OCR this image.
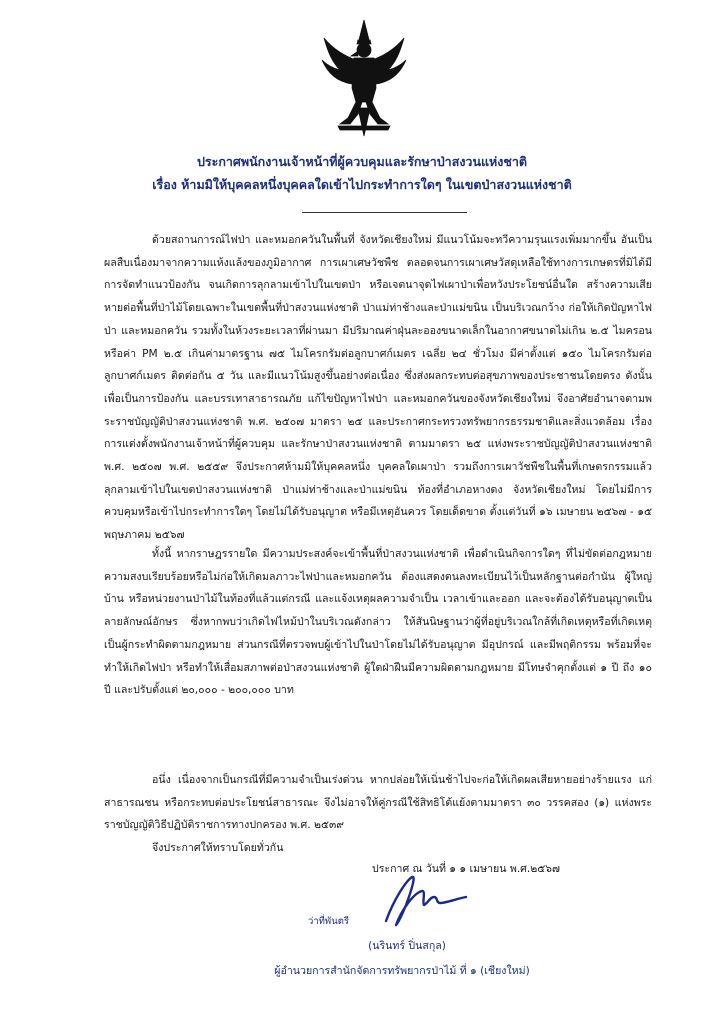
ประกาศพนักงานเจ้าหน้าที่ผู้ควบคุมและรักษาป่าสงวนแห่งชาติ
เรื่อง ห้ามมิให้บุคคลหนึ่งบุคคลใดเข้าไปกระทำการใดๆ ในเขตป่าสงวนแห่งชาติ

ด้วยสถานการณ์ไฟป่า และหมอกควันในพื้นที่ จังหวัดเชียงใหม่ มีแนวโน้มจะทวีความรุนแรงเพิ่มมากขึ้น อันเป็นผลสืบเนื่องมาจากความแห้งแล้งของภูมิอากาศ การเผาเศษวัชพืช ตลอดจนการเผาเศษวัสดุเหลือใช้ทางการเกษตรที่มิได้มีการจัดทำแนวป้องกัน จนเกิดการลุกลามเข้าไปในเขตป่า หรือเจตนาจุดไฟเผาป่าเพื่อหวังประโยชน์อื่นใด สร้างความเสียหายต่อพื้นที่ป่าไม้โดยเฉพาะในเขตพื้นที่ป่าสงวนแห่งชาติ ป่าแม่ท่าช้างและป่าแม่ขนิน เป็นบริเวณกว้าง ก่อให้เกิดปัญหาไฟป่า และหมอกควัน รวมทั้งในห้วงระยะเวลาที่ผ่านมา มีปริมาณค่าฝุ่นละอองขนาดเล็กในอากาศขนาดไม่เกิน ๒.๕ ไมครอน หรือค่า PM ๒.๕ เกินค่ามาตรฐาน ๗๕ ไมโครกรัมต่อลูกบาศก์เมตร เฉลี่ย ๒๔ ชั่วโมง มีค่าตั้งแต่ ๑๕๐ ไมโครกรัมต่อลูกบาศก์เมตร ติดต่อกัน ๕ วัน และมีแนวโน้มสูงขึ้นอย่างต่อเนื่อง ซึ่งส่งผลกระทบต่อสุขภาพของประชาชนโดยตรง ดังนั้น เพื่อเป็นการป้องกัน และบรรเทาสาธารณภัย แก้ไขปัญหาไฟป่า และหมอกควันของจังหวัดเชียงใหม่ จึงอาศัยอำนาจตามพระราชบัญญัติป่าสงวนแห่งชาติ พ.ศ. ๒๕๐๗ มาตรา ๒๕ และประกาศกระทรวงทรัพยากรธรรมชาติและสิ่งแวดล้อม เรื่อง การแต่งตั้งพนักงานเจ้าหน้าที่ผู้ควบคุม และรักษาป่าสงวนแห่งชาติ ตามมาตรา ๒๕ แห่งพระราชบัญญัติป่าสงวนแห่งชาติ พ.ศ. ๒๕๐๗ พ.ศ. ๒๕๕๙ จึงประกาศห้ามมิให้บุคคลหนึ่ง บุคคลใดเผาป่า รวมถึงการเผาวัชพืชในพื้นที่เกษตรกรรมแล้วลุกลามเข้าไปในเขตป่าสงวนแห่งชาติ ป่าแม่ท่าช้างและป่าแม่ขนิน ท้องที่อำเภอหางดง จังหวัดเชียงใหม่ โดยไม่มีการควบคุมหรือเข้าไปกระทำการใดๆ โดยไม่ได้รับอนุญาต หรือมีเหตุอันควร โดยเด็ดขาด ตั้งแต่วันที่ ๑๖ เมษายน ๒๕๖๗ - ๑๕ พฤษภาคม ๒๕๖๗

ทั้งนี้ หากราษฎรรายใด มีความประสงค์จะเข้าพื้นที่ป่าสงวนแห่งชาติ เพื่อดำเนินกิจการใดๆ ที่ไม่ขัดต่อกฎหมายความสงบเรียบร้อยหรือไม่ก่อให้เกิดมลภาวะไฟป่าและหมอกควัน ต้องแสดงตนลงทะเบียนไว้เป็นหลักฐานต่อกำนัน ผู้ใหญ่บ้าน หรือหน่วยงานป่าไม้ในท้องที่แล้วแต่กรณี และแจ้งเหตุผลความจำเป็น เวลาเข้าและออก และจะต้องได้รับอนุญาตเป็นลายลักษณ์อักษร ซึ่งหากพบว่าเกิดไฟไหม้ป่าในบริเวณดังกล่าว ให้สันนิษฐานว่าผู้ที่อยู่บริเวณใกล้ที่เกิดเหตุหรือที่เกิดเหตุ เป็นผู้กระทำผิดตามกฎหมาย ส่วนกรณีที่ตรวจพบผู้เข้าไปในป่าโดยไม่ได้รับอนุญาต มีอุปกรณ์ และมีพฤติกรรม พร้อมที่จะทำให้เกิดไฟป่า หรือทำให้เสื่อมสภาพต่อป่าสงวนแห่งชาติ ผู้ใดฝ่าฝืนมีความผิดตามกฎหมาย มีโทษจำคุกตั้งแต่ ๑ ปี ถึง ๑๐ ปี และปรับตั้งแต่ ๒๐,๐๐๐ - ๒๐๐,๐๐๐ บาท

อนึ่ง เนื่องจากเป็นกรณีที่มีความจำเป็นเร่งด่วน หากปล่อยให้เนิ่นช้าไปจะก่อให้เกิดผลเสียหายอย่างร้ายแรง แก่สาธารณชน หรือกระทบต่อประโยชน์สาธารณะ จึงไม่อาจให้คู่กรณีใช้สิทธิโต้แย้งตามมาตรา ๓๐ วรรคสอง (๑) แห่งพระราชบัญญัติวิธีปฏิบัติราชการทางปกครอง พ.ศ. ๒๕๓๙

จึงประกาศให้ทราบโดยทั่วกัน

ประกาศ ณ วันที่ ๑ ๑ เมษายน พ.ศ.๒๕๖๗
ว่าที่พันตรี
(นรินทร์ ปิ่นสกุล)
ผู้อำนวยการสำนักจัดการทรัพยากรป่าไม้ ที่ ๑ (เชียงใหม่)
